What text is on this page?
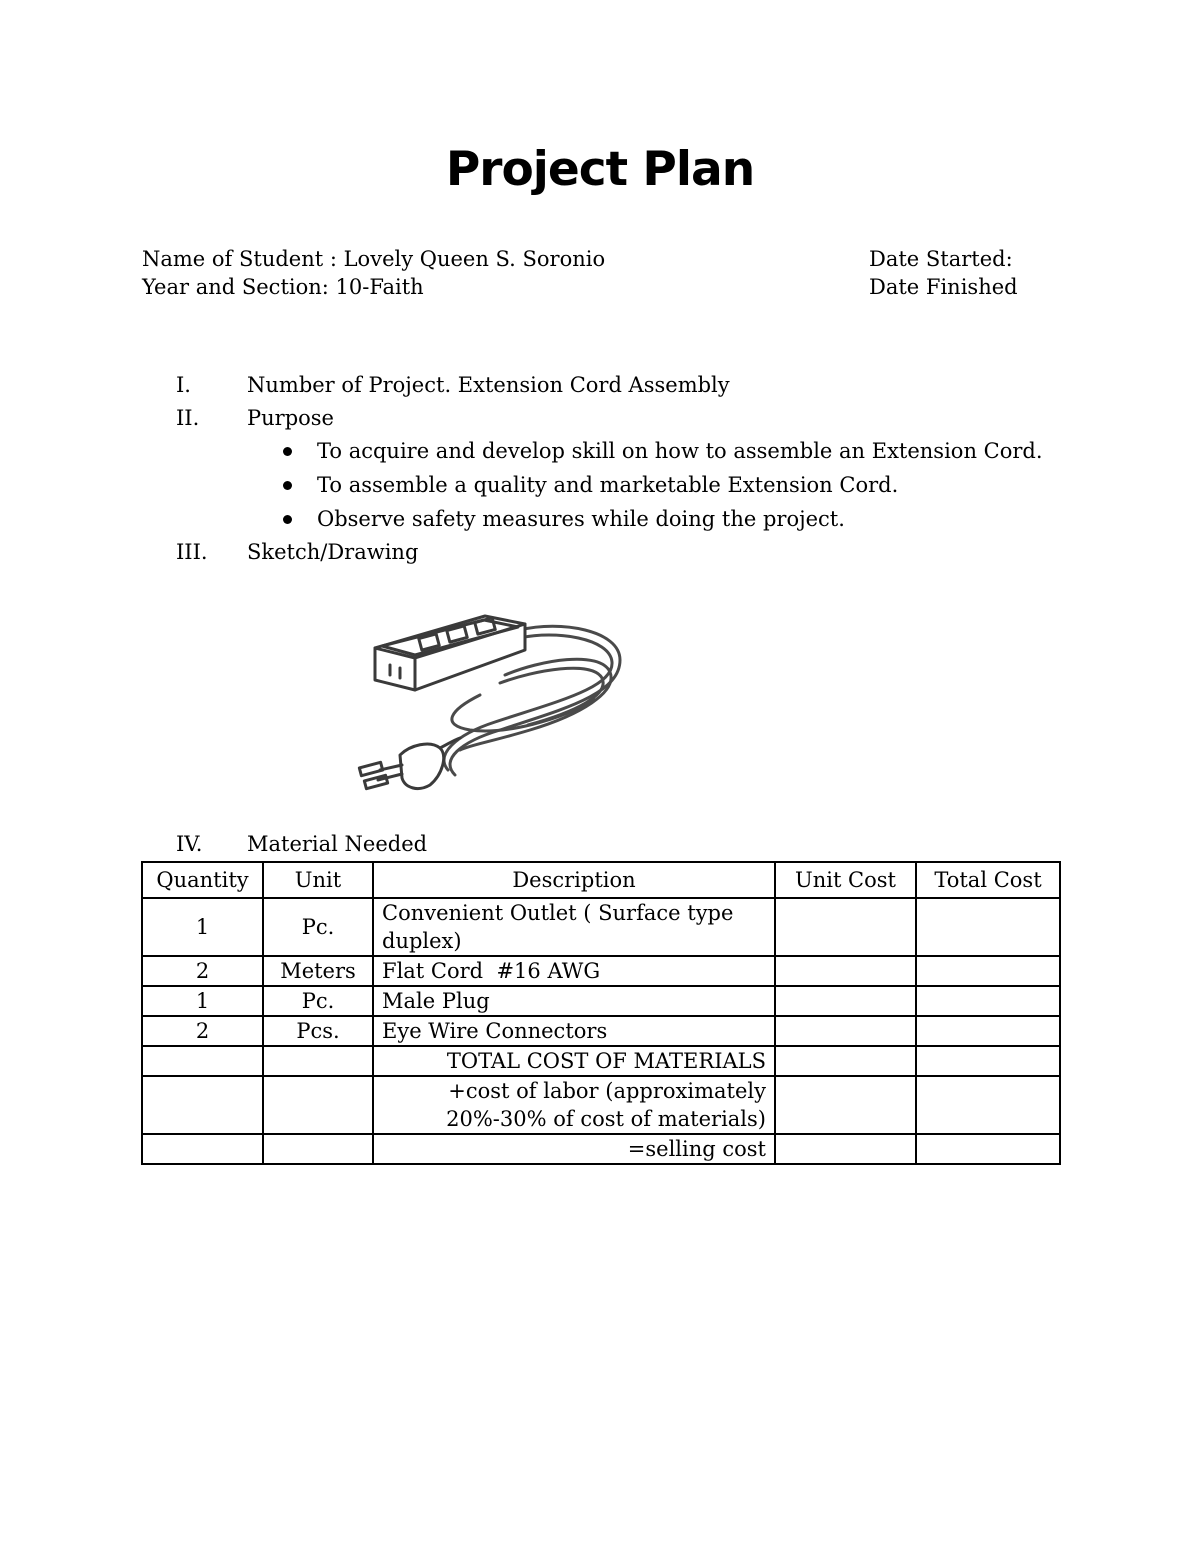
Project Plan
Name of Student : Lovely Queen S. Soronio
Year and Section: 10-Faith
Date Started:
Date Finished
I.	Number of Project. Extension Cord Assembly
II. Purpose
To acquire and develop skill on how to assemble an Extension Cord.
To assemble a quality and marketable Extension Cord.
Observe safety measures while doing the project.
III. Sketch/Drawing
IV. Material Needed
Quantity	Unit	Description	Unit Cost	Total Cost
1	Pc.	Convenient Outlet ( Surface type duplex)		
2	Meters	Flat Cord  #16 AWG		
1	Pc.	Male Plug		
2	Pcs.	Eye Wire Connectors		
		TOTAL COST OF MATERIALS		
		+cost of labor (approximately 20%-30% of cost of materials)		
		=selling cost		
